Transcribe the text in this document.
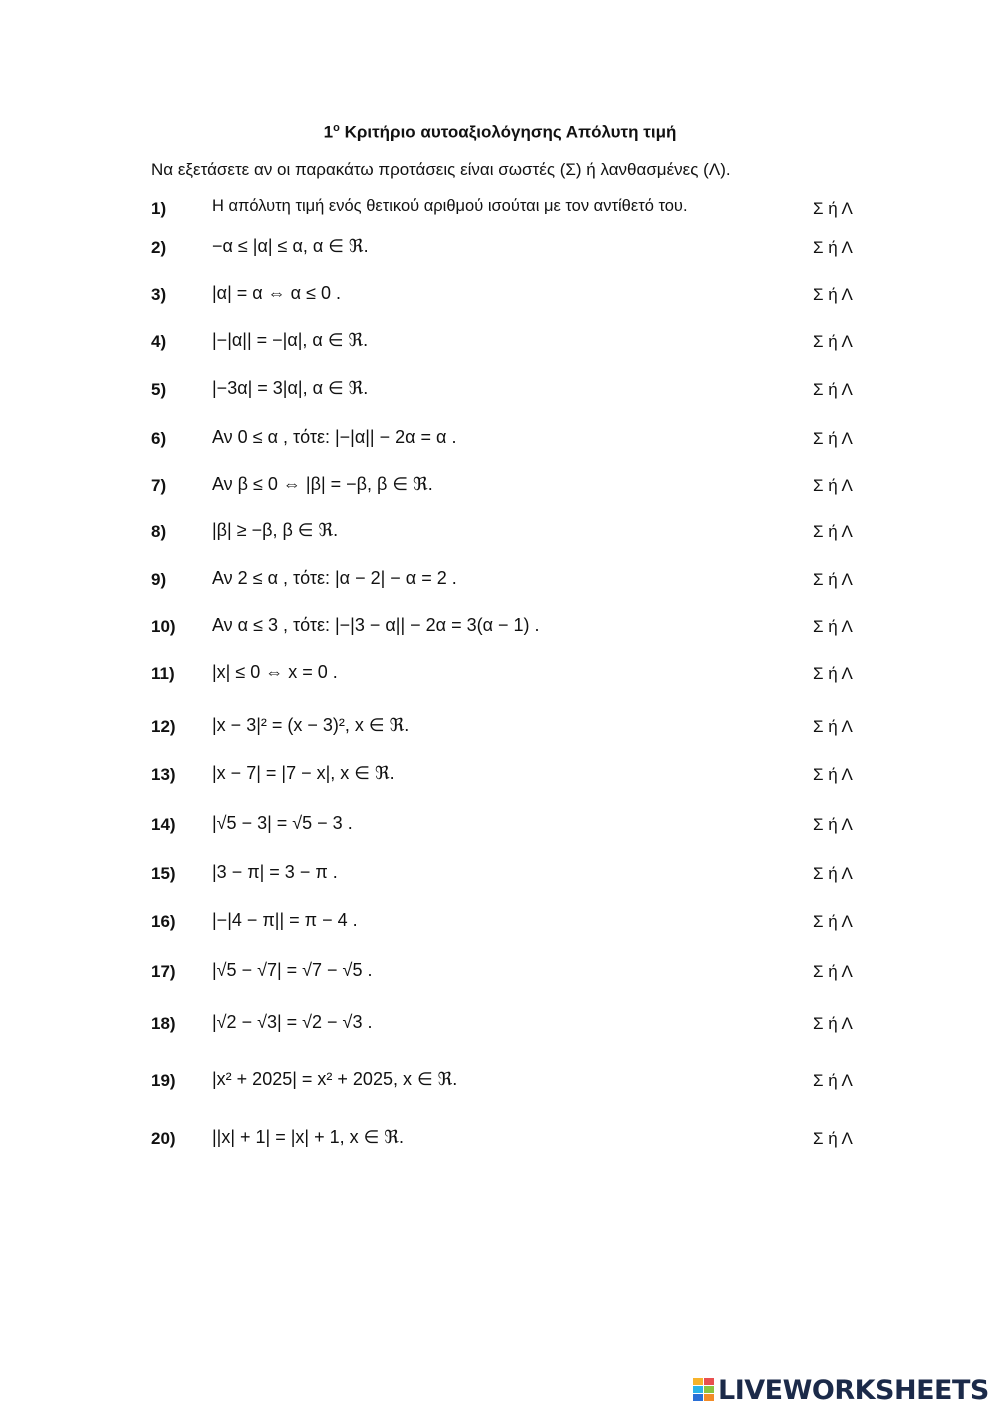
$1^o$ Κριτήριο αυτοαξιολόγησης Απόλυτη τιμή
Να εξετάσετε αν οι παρακάτω προτάσεις είναι σωστές (Σ) ή λανθασμένες (Λ).
1)	Η απόλυτη τιμή ενός θετικού αριθμού ισούται με τον αντίθετό του.	Σ ή Λ
2)	−α ≤ |α| ≤ α, α ∈ ℜ.	Σ ή Λ
3)	|α| = α ⇔ α ≤ 0 .	Σ ή Λ
4)	|−|α|| = −|α|, α ∈ ℜ.	Σ ή Λ
5)	|−3α| = 3|α|, α ∈ ℜ.	Σ ή Λ
6)	Αν 0 ≤ α , τότε: |−|α|| − 2α = α .	Σ ή Λ
7)	Αν β ≤ 0 ⇔ |β| = −β, β ∈ ℜ.	Σ ή Λ
8)	|β| ≥ −β, β ∈ ℜ.	Σ ή Λ
9)	Αν 2 ≤ α , τότε: |α − 2| − α = 2 .	Σ ή Λ
10) Αν α ≤ 3 , τότε: |−|3 − α|| − 2α = 3(α − 1) .	Σ ή Λ
11) |x| ≤ 0 ⇔ x = 0 .	Σ ή Λ
12) |x − 3|² = (x − 3)², x ∈ ℜ.	Σ ή Λ
13) |x − 7| = |7 − x|, x ∈ ℜ.	Σ ή Λ
14) |√5 − 3| = √5 − 3 .	Σ ή Λ
15) |3 − π| = 3 − π .	Σ ή Λ
16) |−|4 − π|| = π − 4 .	Σ ή Λ
17) |√5 − √7| = √7 − √5 .	Σ ή Λ
18) |√2 − √3| = √2 − √3 .	Σ ή Λ
19) |x² + 2025| = x² + 2025, x ∈ ℜ.	Σ ή Λ
20) ||x| + 1| = |x| + 1, x ∈ ℜ.	Σ ή Λ
LIVEWORKSHEETS
